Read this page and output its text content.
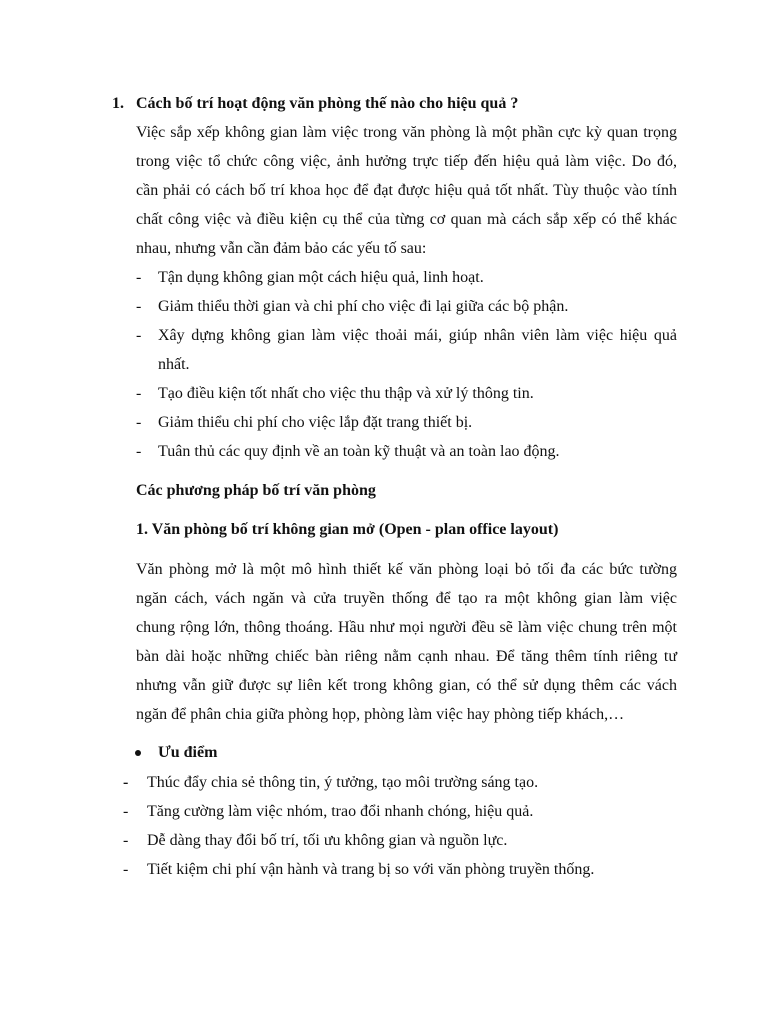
1. Cách bố trí hoạt động văn phòng thế nào cho hiệu quả ?
Việc sắp xếp không gian làm việc trong văn phòng là một phần cực kỳ quan trọng
trong việc tổ chức công việc, ảnh hưởng trực tiếp đến hiệu quả làm việc. Do đó,
cần phải có cách bố trí khoa học để đạt được hiệu quả tốt nhất. Tùy thuộc vào tính
chất công việc và điều kiện cụ thể của từng cơ quan mà cách sắp xếp có thể khác
nhau, nhưng vẫn cần đảm bảo các yếu tố sau:
- Tận dụng không gian một cách hiệu quả, linh hoạt.
- Giảm thiểu thời gian và chi phí cho việc đi lại giữa các bộ phận.
- Xây dựng không gian làm việc thoải mái, giúp nhân viên làm việc hiệu quả
nhất.
- Tạo điều kiện tốt nhất cho việc thu thập và xử lý thông tin.
- Giảm thiểu chi phí cho việc lắp đặt trang thiết bị.
- Tuân thủ các quy định về an toàn kỹ thuật và an toàn lao động.
Các phương pháp bố trí văn phòng
1. Văn phòng bố trí không gian mở (Open - plan office layout)
Văn phòng mở là một mô hình thiết kế văn phòng loại bỏ tối đa các bức tường
ngăn cách, vách ngăn và cửa truyền thống để tạo ra một không gian làm việc
chung rộng lớn, thông thoáng. Hầu như mọi người đều sẽ làm việc chung trên một
bàn dài hoặc những chiếc bàn riêng nằm cạnh nhau. Để tăng thêm tính riêng tư
nhưng vẫn giữ được sự liên kết trong không gian, có thể sử dụng thêm các vách
ngăn để phân chia giữa phòng họp, phòng làm việc hay phòng tiếp khách,…
Ưu điểm
- Thúc đẩy chia sẻ thông tin, ý tưởng, tạo môi trường sáng tạo.
- Tăng cường làm việc nhóm, trao đổi nhanh chóng, hiệu quả.
- Dễ dàng thay đổi bố trí, tối ưu không gian và nguồn lực.
- Tiết kiệm chi phí vận hành và trang bị so với văn phòng truyền thống.
